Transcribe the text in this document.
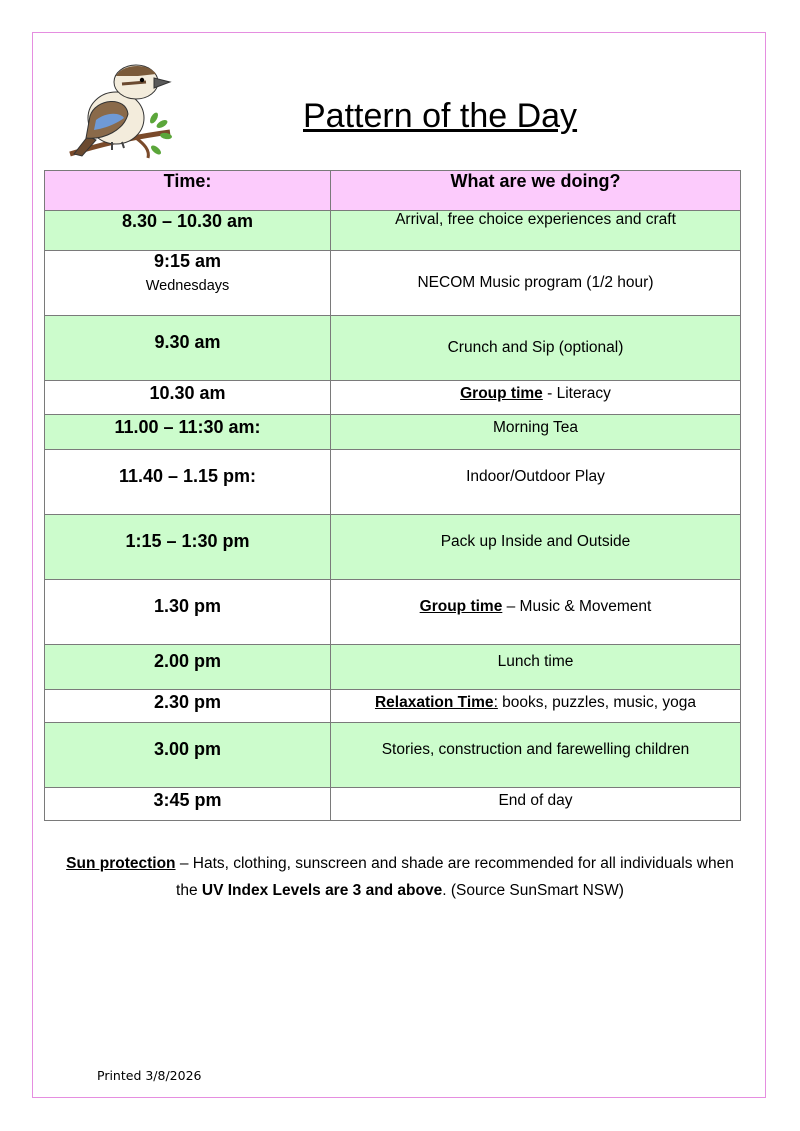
Pattern of the Day
Time:	What are we doing?
8.30 – 10.30 am	Arrival, free choice experiences and craft
9:15 am
Wednesdays	NECOM Music program (1/2 hour)
9.30 am	Crunch and Sip (optional)
10.30 am	Group time - Literacy
11.00 – 11:30 am:	Morning Tea
11.40 – 1.15 pm:	Indoor/Outdoor Play
1:15 – 1:30 pm	Pack up Inside and Outside
1.30 pm	Group time – Music & Movement
2.00 pm	Lunch time
2.30 pm	Relaxation Time: books, puzzles, music, yoga
3.00 pm	Stories, construction and farewelling children
3:45 pm	End of day
Sun protection – Hats, clothing, sunscreen and shade are recommended for all individuals when the UV Index Levels are 3 and above. (Source SunSmart NSW)
Printed 3/8/2026
